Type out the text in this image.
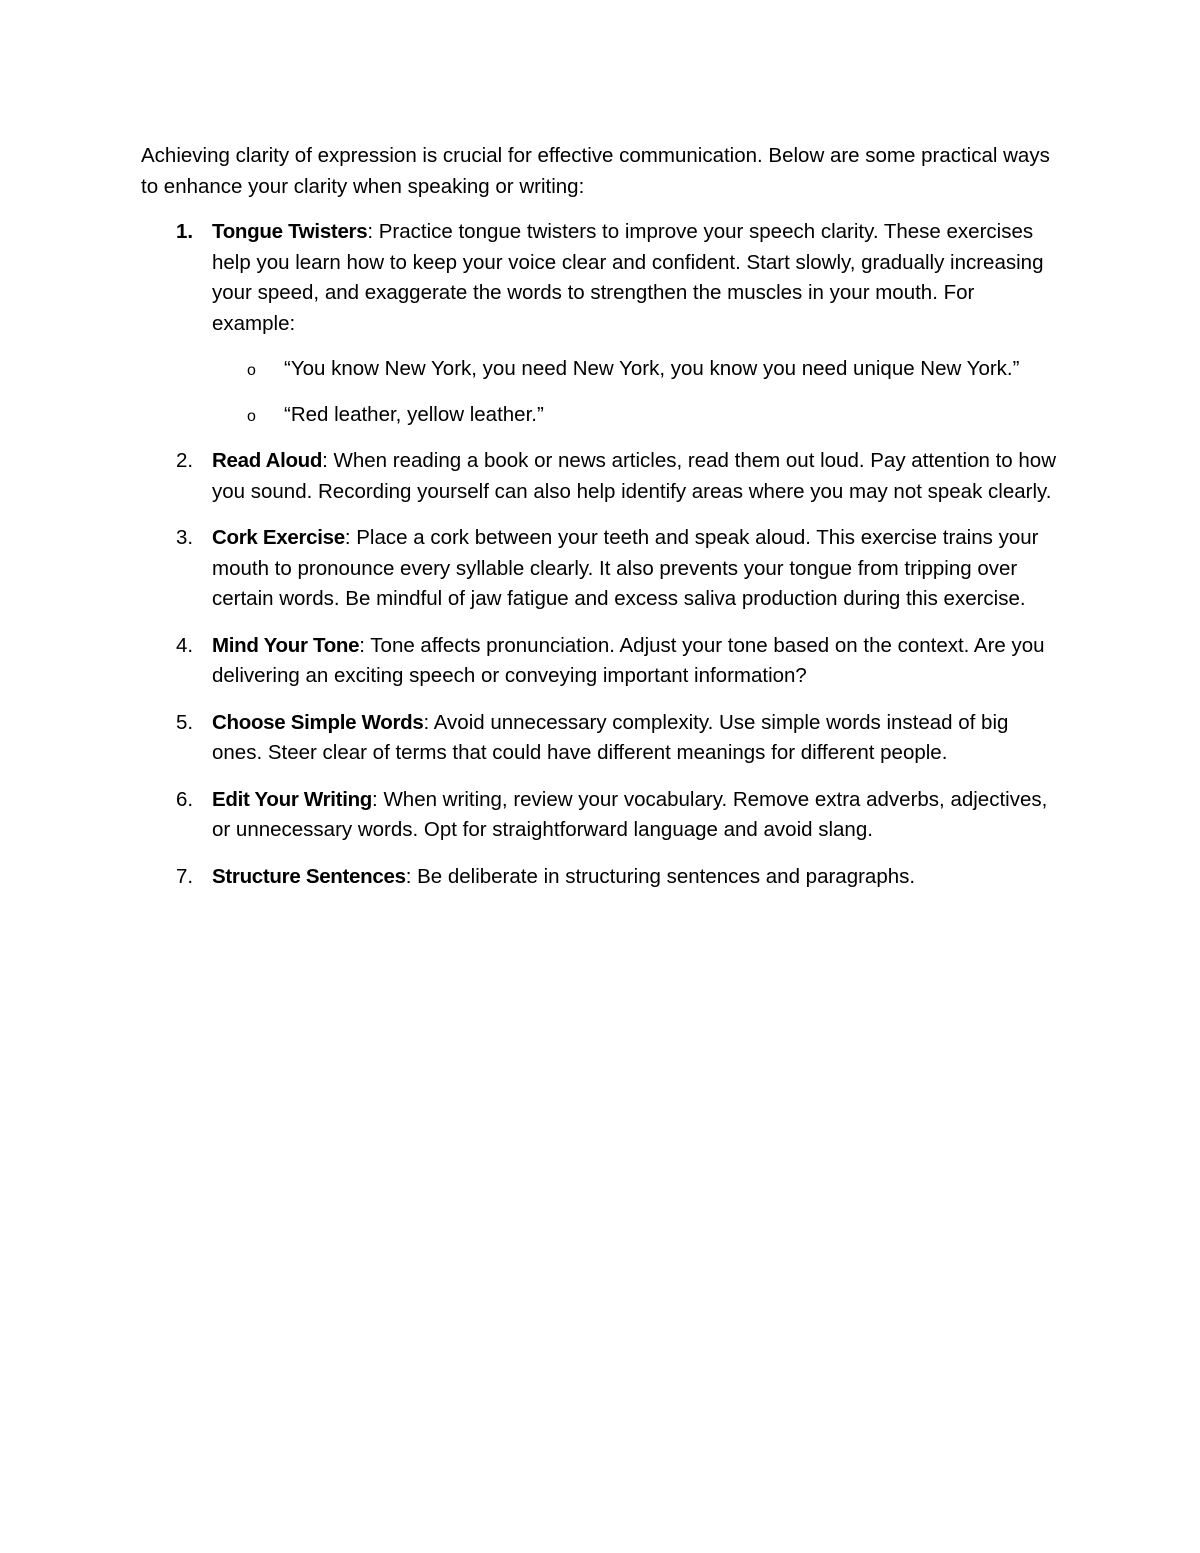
Achieving clarity of expression is crucial for effective communication. Below are some practical ways to enhance your clarity when speaking or writing:

1. Tongue Twisters: Practice tongue twisters to improve your speech clarity. These exercises help you learn how to keep your voice clear and confident. Start slowly, gradually increasing your speed, and exaggerate the words to strengthen the muscles in your mouth. For example:
o “You know New York, you need New York, you know you need unique New York.”
o “Red leather, yellow leather.”
2. Read Aloud: When reading a book or news articles, read them out loud. Pay attention to how you sound. Recording yourself can also help identify areas where you may not speak clearly.
3. Cork Exercise: Place a cork between your teeth and speak aloud. This exercise trains your mouth to pronounce every syllable clearly. It also prevents your tongue from tripping over certain words. Be mindful of jaw fatigue and excess saliva production during this exercise.
4. Mind Your Tone: Tone affects pronunciation. Adjust your tone based on the context. Are you delivering an exciting speech or conveying important information?
5. Choose Simple Words: Avoid unnecessary complexity. Use simple words instead of big ones. Steer clear of terms that could have different meanings for different people.
6. Edit Your Writing: When writing, review your vocabulary. Remove extra adverbs, adjectives, or unnecessary words. Opt for straightforward language and avoid slang.
7. Structure Sentences: Be deliberate in structuring sentences and paragraphs.
